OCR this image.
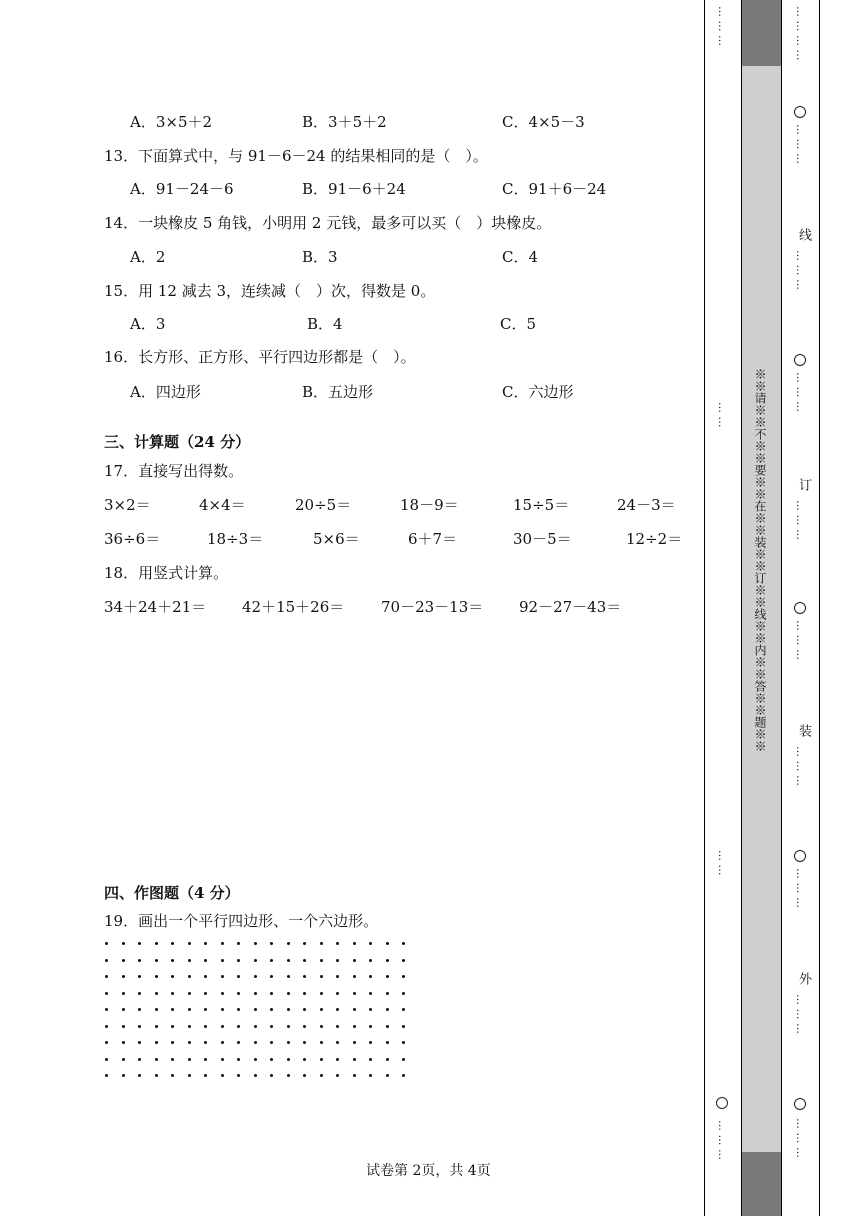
A．3×5＋2	B．3＋5＋2	C．4×5－3
13．下面算式中，与 91－6－24 的结果相同的是（　）。
A．91－24－6	B．91－6＋24	C．91＋6－24
14．一块橡皮 5 角钱，小明用 2 元钱，最多可以买（　）块橡皮。
A．2	B．3	C．4
15．用 12 减去 3，连续减（　）次，得数是 0。
A．3	B．4	C．5
16．长方形、正方形、平行四边形都是（　）。
A．四边形	B．五边形	C．六边形
三、计算题（24 分）
17．直接写出得数。
3×2＝	4×4＝	20÷5＝	18－9＝	15÷5＝	24－3＝
36÷6＝	18÷3＝	5×6＝	6＋7＝	30－5＝	12÷2＝
18．用竖式计算。
34＋24＋21＝ 42＋15＋26＝ 70－23－13＝ 92－27－43＝
四、作图题（4 分）
19．画出一个平行四边形、一个六边形。
※※请※※不※※要※※在※※装※※订※※线※※内※※答※※题※※
… … …
… …
… …
… … …
… … … …
… … …
线
… … …
… … …
订
… … …
… … …
装
… … …
… … …
外
… … …
… … …
试卷第 2页，共 4页
